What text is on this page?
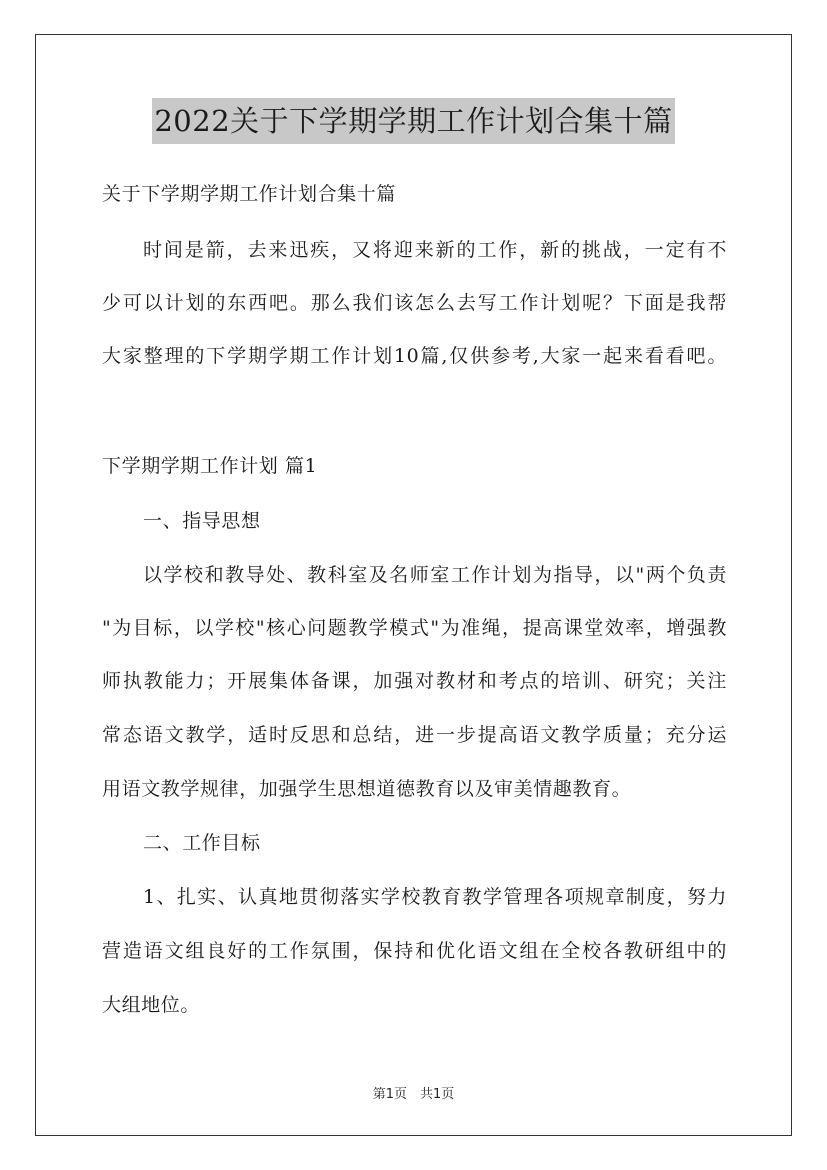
2022关于下学期学期工作计划合集十篇
关于下学期学期工作计划合集十篇
时间是箭，去来迅疾，又将迎来新的工作，新的挑战，一定有不
少可以计划的东西吧。那么我们该怎么去写工作计划呢？下面是我帮
大家整理的下学期学期工作计划10篇,仅供参考,大家一起来看看吧。
下学期学期工作计划 篇1
一、指导思想
以学校和教导处、教科室及名师室工作计划为指导，以"两个负责
"为目标，以学校"核心问题教学模式"为准绳，提高课堂效率，增强教
师执教能力；开展集体备课，加强对教材和考点的培训、研究；关注
常态语文教学，适时反思和总结，进一步提高语文教学质量；充分运
用语文教学规律，加强学生思想道德教育以及审美情趣教育。
二、工作目标
1、扎实、认真地贯彻落实学校教育教学管理各项规章制度，努力
营造语文组良好的工作氛围，保持和优化语文组在全校各教研组中的
大组地位。
第1页　共1页
